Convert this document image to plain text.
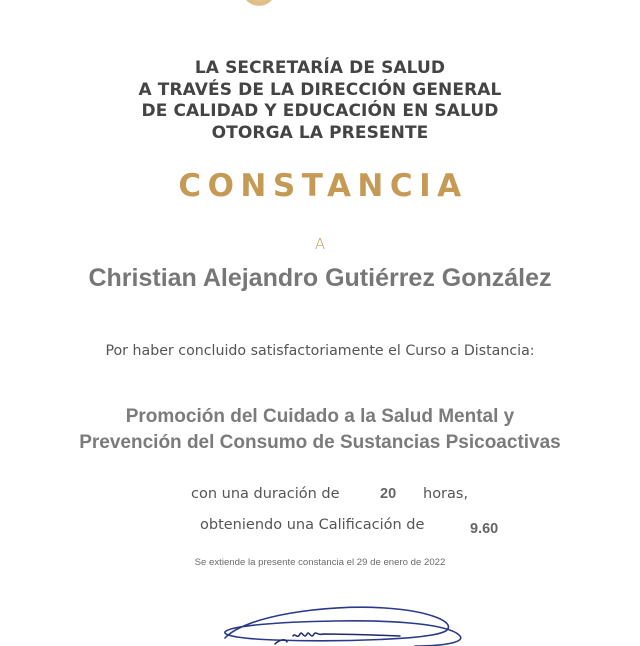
LA SECRETARÍA DE SALUD
A TRAVÉS DE LA DIRECCIÓN GENERAL
DE CALIDAD Y EDUCACIÓN EN SALUD
OTORGA LA PRESENTE
CONSTANCIA
A
Christian Alejandro Gutiérrez González
Por haber concluido satisfactoriamente el Curso a Distancia:
Promoción del Cuidado a la Salud Mental y
Prevención del Consumo de Sustancias Psicoactivas
con una duración de	20 horas,
obteniendo una Calificación de	9.60
Se extiende la presente constancia el 29 de enero de 2022
